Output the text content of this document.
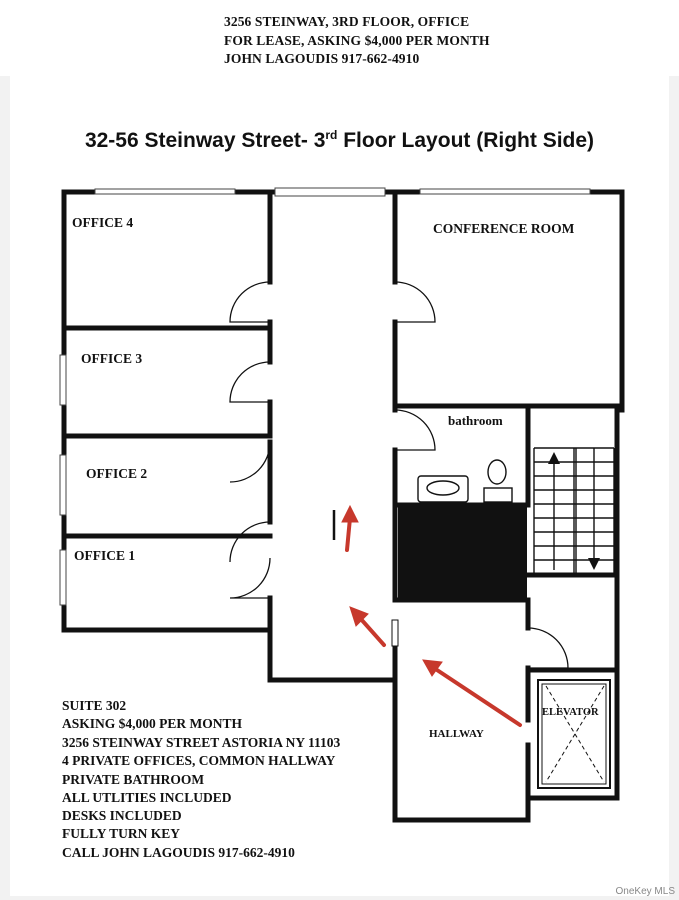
3256 STEINWAY, 3RD FLOOR, OFFICE
FOR LEASE, ASKING $4,000 PER MONTH
JOHN LAGOUDIS 917-662-4910
32-56 Steinway Street- 3rd Floor Layout (Right Side)
OFFICE 4
OFFICE 3
OFFICE 2
OFFICE 1
CONFERENCE ROOM
bathroom
HALLWAY
ELEVATOR
SUITE 302
ASKING $4,000 PER MONTH
3256 STEINWAY STREET ASTORIA NY 11103
4 PRIVATE OFFICES, COMMON HALLWAY
PRIVATE BATHROOM
ALL UTLITIES INCLUDED
DESKS INCLUDED
FULLY TURN KEY
CALL JOHN LAGOUDIS 917-662-4910
OneKey MLS
